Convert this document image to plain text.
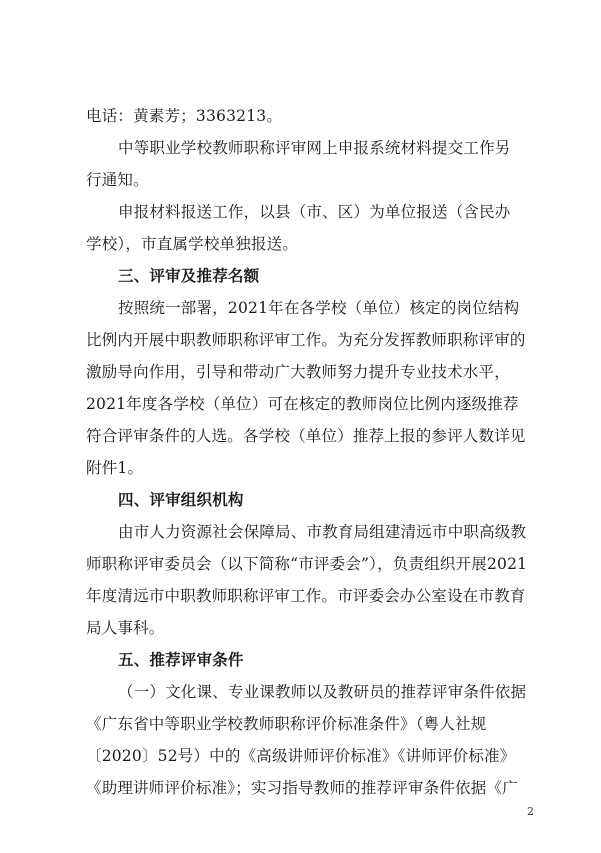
电话：黄素芳；3363213。
中等职业学校教师职称评审网上申报系统材料提交工作另
行通知。
申报材料报送工作，以县（市、区）为单位报送（含民办
学校），市直属学校单独报送。
三、评审及推荐名额
按照统一部署，2021年在各学校（单位）核定的岗位结构
比例内开展中职教师职称评审工作。为充分发挥教师职称评审的
激励导向作用，引导和带动广大教师努力提升专业技术水平，
2021年度各学校（单位）可在核定的教师岗位比例内逐级推荐
符合评审条件的人选。各学校（单位）推荐上报的参评人数详见
附件1。
四、评审组织机构
由市人力资源社会保障局、市教育局组建清远市中职高级教
师职称评审委员会（以下简称“市评委会”），负责组织开展2021
年度清远市中职教师职称评审工作。市评委会办公室设在市教育
局人事科。
五、推荐评审条件
（一）文化课、专业课教师以及教研员的推荐评审条件依据
《广东省中等职业学校教师职称评价标准条件》（粤人社规
〔2020〕52号）中的《高级讲师评价标准》《讲师评价标准》
《助理讲师评价标准》；实习指导教师的推荐评审条件依据《广
2
